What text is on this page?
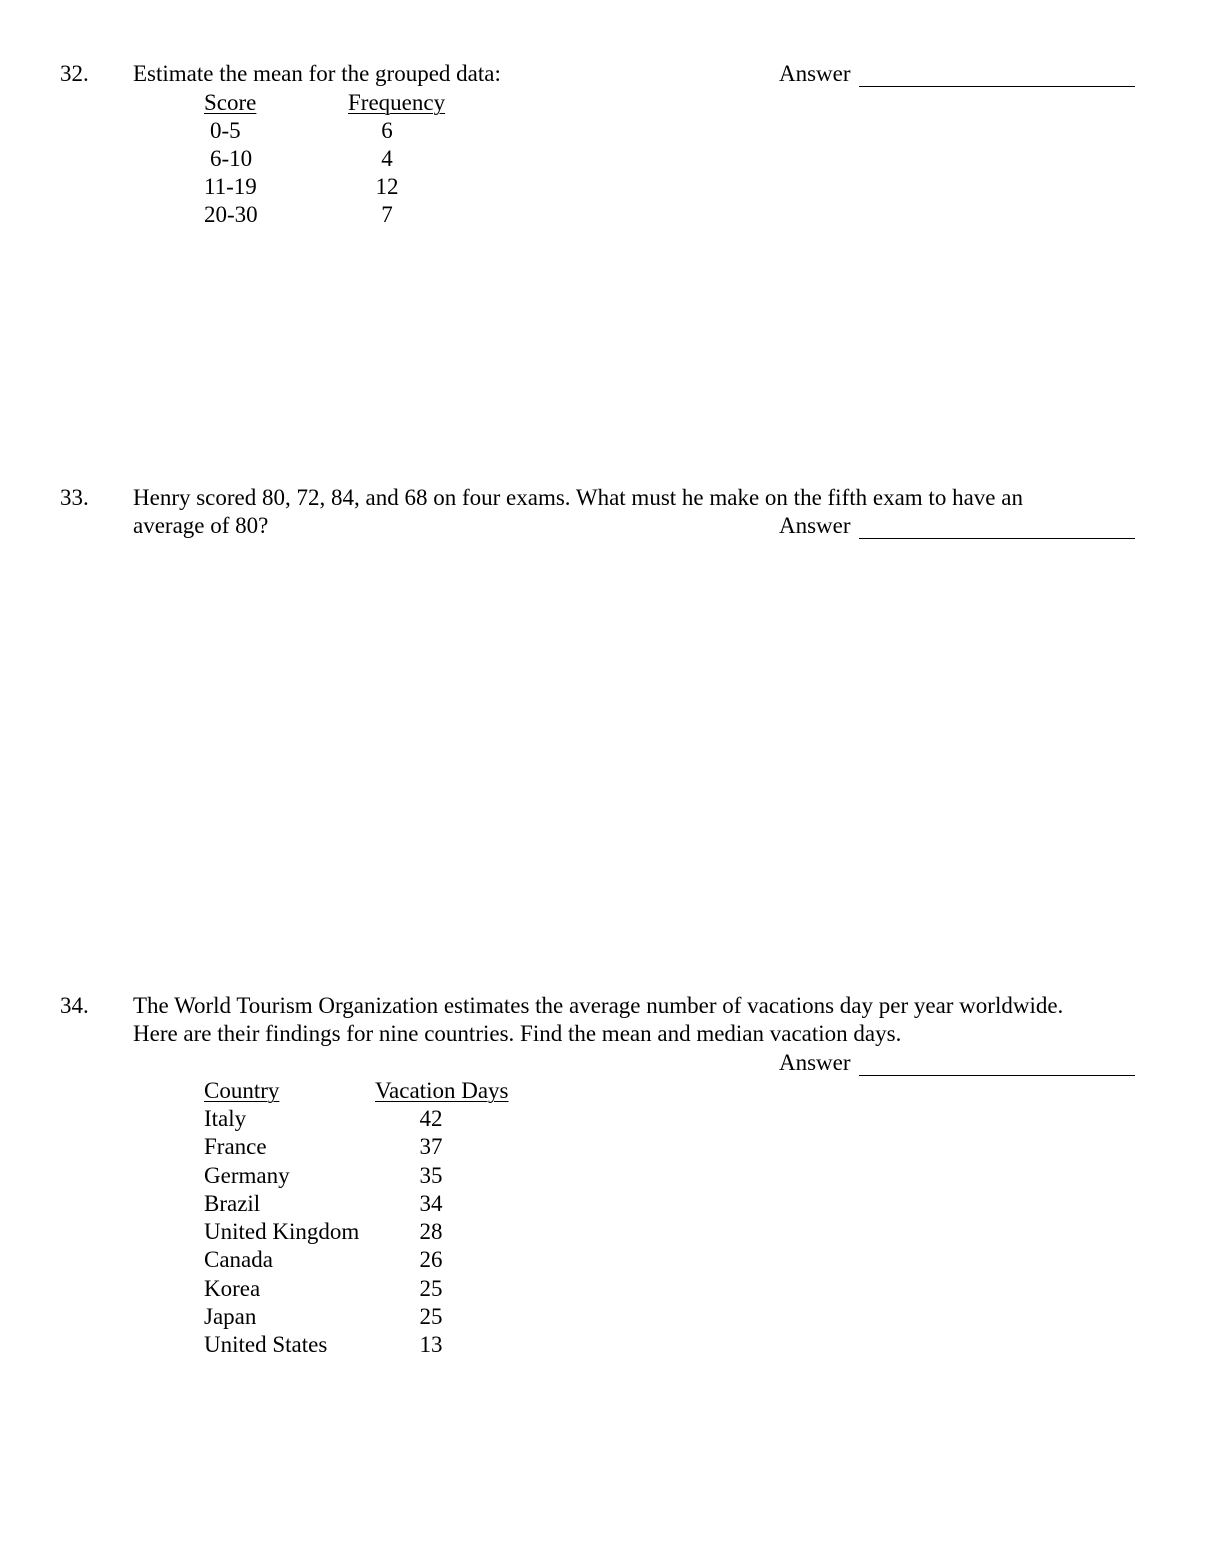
32. Estimate the mean for the grouped data:	Answer
Score	Frequency
0-5	6
6-10	4
11-19	12
20-30	7
33. Henry scored 80, 72, 84, and 68 on four exams. What must he make on the fifth exam to have an
average of 80?	Answer
34. The World Tourism Organization estimates the average number of vacations day per year worldwide.
Here are their findings for nine countries. Find the mean and median vacation days.
Answer
Country	Vacation Days
Italy	42
France	37
Germany	35
Brazil	34
United Kingdom	28
Canada	26
Korea	25
Japan	25
United States	13
